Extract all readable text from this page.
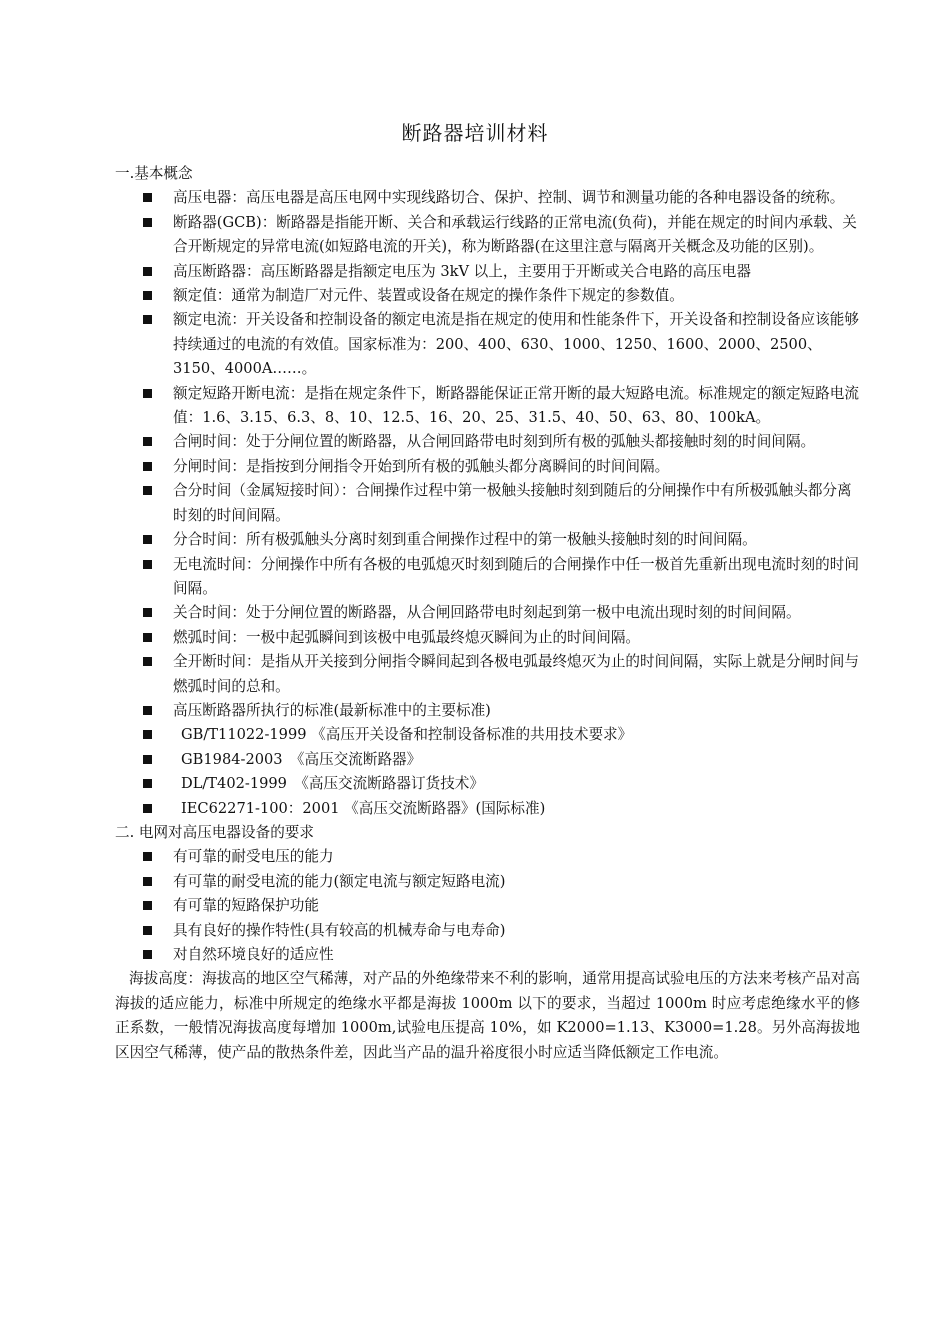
断路器培训材料
一.基本概念
高压电器：高压电器是高压电网中实现线路切合、保护、控制、调节和测量功能的各种电器设备的统称。
断路器(GCB)：断路器是指能开断、关合和承载运行线路的正常电流(负荷)，并能在规定的时间内承载、关合开断规定的异常电流(如短路电流的开关)，称为断路器(在这里注意与隔离开关概念及功能的区别)。
高压断路器：高压断路器是指额定电压为 3kV 以上，主要用于开断或关合电路的高压电器
额定值：通常为制造厂对元件、装置或设备在规定的操作条件下规定的参数值。
额定电流：开关设备和控制设备的额定电流是指在规定的使用和性能条件下，开关设备和控制设备应该能够持续通过的电流的有效值。国家标准为：200、400、630、1000、1250、1600、2000、2500、3150、4000A……。
额定短路开断电流：是指在规定条件下，断路器能保证正常开断的最大短路电流。标准规定的额定短路电流值：1.6、3.15、6.3、8、10、12.5、16、20、25、31.5、40、50、63、80、100kA。
合闸时间：处于分闸位置的断路器，从合闸回路带电时刻到所有极的弧触头都接触时刻的时间间隔。
分闸时间：是指按到分闸指令开始到所有极的弧触头都分离瞬间的时间间隔。
合分时间（金属短接时间）：合闸操作过程中第一极触头接触时刻到随后的分闸操作中有所极弧触头都分离时刻的时间间隔。
分合时间：所有极弧触头分离时刻到重合闸操作过程中的第一极触头接触时刻的时间间隔。
无电流时间：分闸操作中所有各极的电弧熄灭时刻到随后的合闸操作中任一极首先重新出现电流时刻的时间间隔。
关合时间：处于分闸位置的断路器，从合闸回路带电时刻起到第一极中电流出现时刻的时间间隔。
燃弧时间：一极中起弧瞬间到该极中电弧最终熄灭瞬间为止的时间间隔。
全开断时间：是指从开关接到分闸指令瞬间起到各极电弧最终熄灭为止的时间间隔，实际上就是分闸时间与燃弧时间的总和。
高压断路器所执行的标准(最新标准中的主要标准)
GB/T11022-1999 《高压开关设备和控制设备标准的共用技术要求》
GB1984-2003　《高压交流断路器》
DL/T402-1999　《高压交流断路器订货技术》
IEC62271-100：2001 《高压交流断路器》(国际标准)
二. 电网对高压电器设备的要求
有可靠的耐受电压的能力
有可靠的耐受电流的能力(额定电流与额定短路电流)
有可靠的短路保护功能
具有良好的操作特性(具有较高的机械寿命与电寿命)
对自然环境良好的适应性

海拔高度：海拔高的地区空气稀薄，对产品的外绝缘带来不利的影响，通常用提高试验电压的方法来考核产品对高海拔的适应能力，标准中所规定的绝缘水平都是海拔 1000m 以下的要求，当超过 1000m 时应考虑绝缘水平的修正系数，一般情况海拔高度每增加 1000m,试验电压提高 10%，如 K2000=1.13、K3000=1.28。另外高海拔地区因空气稀薄，使产品的散热条件差，因此当产品的温升裕度很小时应适当降低额定工作电流。
